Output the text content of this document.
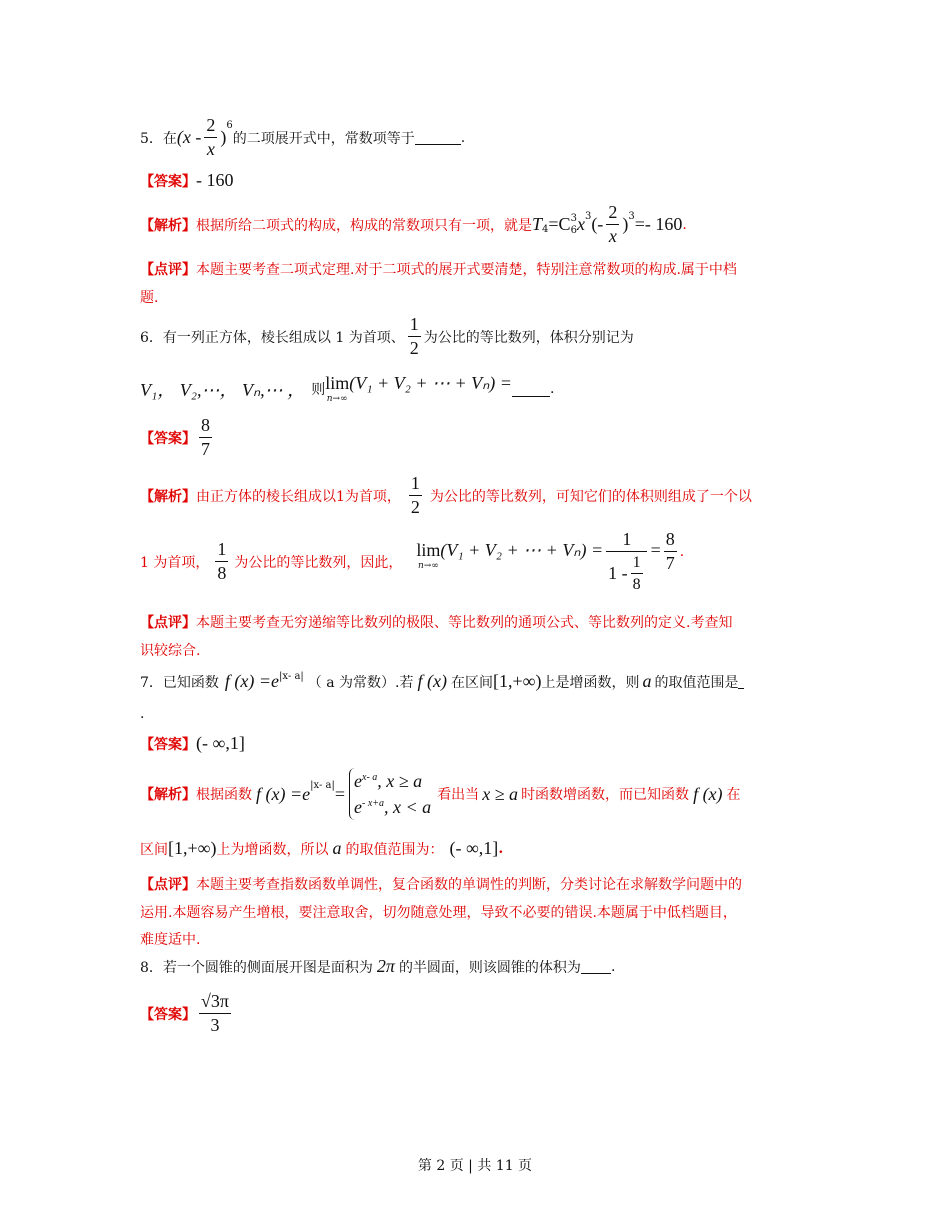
5．在 ($x - \frac{2}{x}$ )
$^6$
的二项展开式中，常数项等于	.
【答案】 - 160
【解析】 根据所给二项式的构成，构成的常数项只有一项，就是 $T_4 =C$ 3
6 $x^3$ (- $\frac{2}{x} )^3 =- 160$ .
【点评】 本题主要考查二项式定理.对于二项式的展开式要清楚，特别注意常数项的构成.属于中档
题.
6．有一列正方体，棱长组成以 1 为首项、 $\frac{1}{2}$ 为公比的等比数列，体积分别记为
V₁， V₂,⋯， Vₙ,⋯ ， 则 lim
n→∞
(V₁ + V₂ + ⋯ + Vₙ) =	.
【答案】 $\frac{8}{7}$
【解析】 由正方体的棱长组成以1为首项， $\frac{1}{2}$ 为公比的等比数列，可知它们的体积则组成了一个以
1 为首项， $\frac{1}{8}$ 为公比的等比数列，因此，
lim
n→∞
(V₁ + V₂ + ⋯ + $V_n) = \frac{1}{1 - \frac{1}{8}} = \frac{8}{7}$ .
【点评】 本题主要考查无穷递缩等比数列的极限、等比数列的通项公式、等比数列的定义.考查知
识较综合.
7．已知函数 f $(x) =e^{|x- a|}$ （ a 为常数）.若 f (x) 在区间 [1,+∞) 上是增函数，则 a 的取值范围是
.
【答案】 (- ∞,1]
【解析】 根据函数 f $(x) =e^{|x- a|}$ =
$e^{x- a}$, x ≥ a
$e^{- x+a}$, x < a
看出当 x ≥ a 时函数增函数，而已知函数 f (x) 在
区间 [1,+∞) 上为增函数，所以 a 的取值范围为： (- ∞,1] .
【点评】 本题主要考查指数函数单调性，复合函数的单调性的判断，分类讨论在求解数学问题中的
运用.本题容易产生增根，要注意取舍，切勿随意处理，导致不必要的错误.本题属于中低档题目，
难度适中.
8．若一个圆锥的侧面展开图是面积为 2π 的半圆面，则该圆锥的体积为 .
【答案】 $\frac{√3\pi}{3}$
第 2 页 | 共 11 页
